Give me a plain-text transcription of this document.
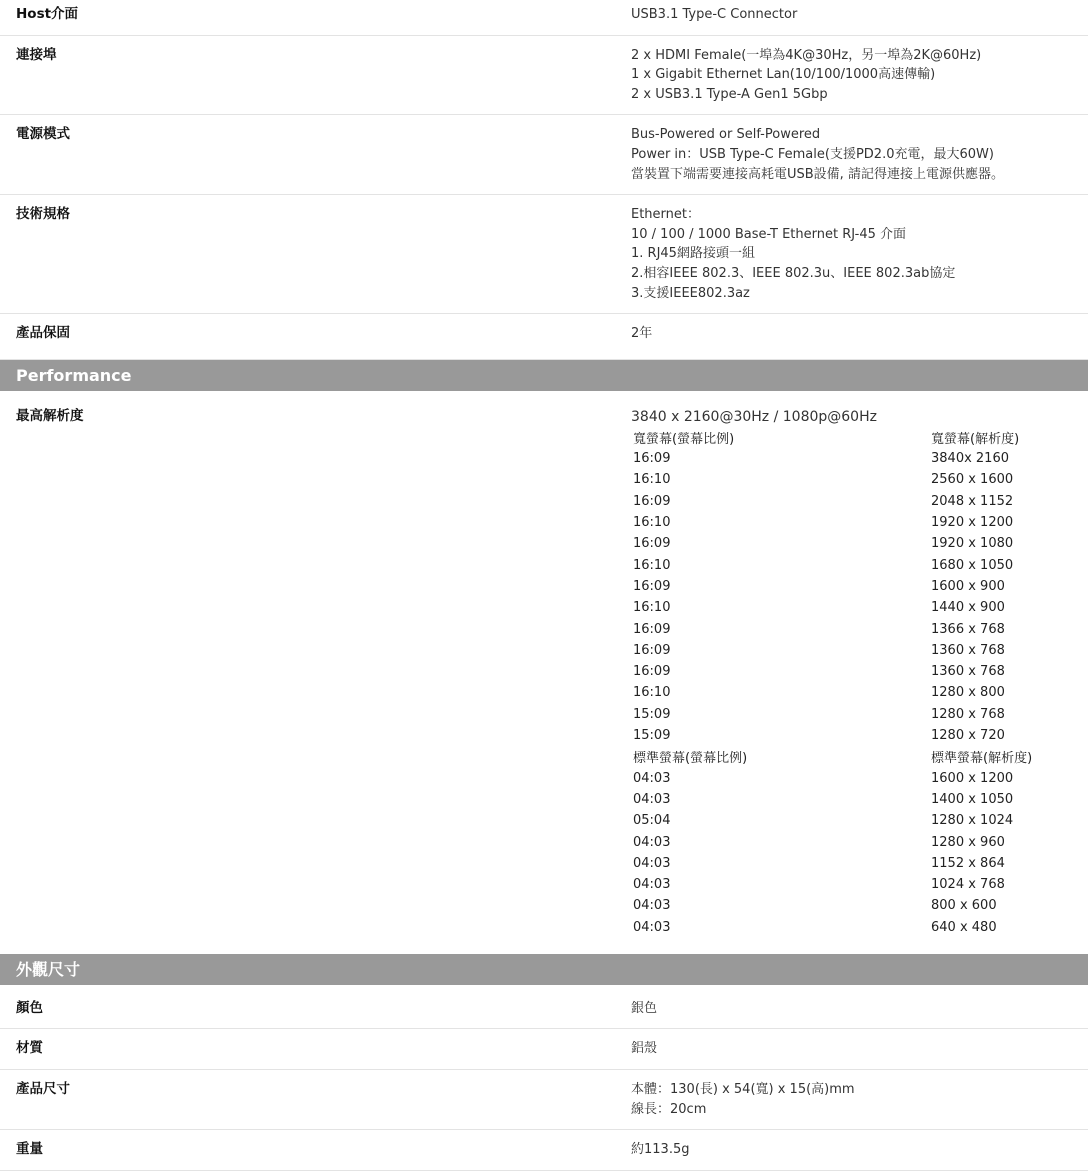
Host介面	USB3.1 Type-C Connector
連接埠	2 x HDMI Female(一埠為4K@30Hz，另一埠為2K@60Hz)
1 x Gigabit Ethernet Lan(10/100/1000高速傳輸)
2 x USB3.1 Type-A Gen1 5Gbp
電源模式	Bus-Powered or Self-Powered
Power in：USB Type-C Female(支援PD2.0充電，最大60W)
當裝置下端需要連接高耗電USB設備, 請記得連接上電源供應器。
技術規格	Ethernet：
10 / 100 / 1000 Base-T Ethernet RJ-45 介面
1. RJ45網路接頭一組
2.相容IEEE 802.3、IEEE 802.3u、IEEE 802.3ab協定
3.支援IEEE802.3az
產品保固	2年
Performance
最高解析度	3840 x 2160@30Hz / 1080p@60Hz
寬螢幕(螢幕比例)	寬螢幕(解析度)
16:09	3840x 2160
16:10	2560 x 1600
16:09	2048 x 1152
16:10	1920 x 1200
16:09	1920 x 1080
16:10	1680 x 1050
16:09	1600 x 900
16:10	1440 x 900
16:09	1366 x 768
16:09	1360 x 768
16:09	1360 x 768
16:10	1280 x 800
15:09	1280 x 768
15:09	1280 x 720
標準螢幕(螢幕比例)	標準螢幕(解析度)
04:03	1600 x 1200
04:03	1400 x 1050
05:04	1280 x 1024
04:03	1280 x 960
04:03	1152 x 864
04:03	1024 x 768
04:03	800 x 600
04:03	640 x 480
外觀尺寸
顏色	銀色
材質	鋁殼
產品尺寸	本體：130(長) x 54(寬) x 15(高)mm
線長：20cm
重量	約113.5g
